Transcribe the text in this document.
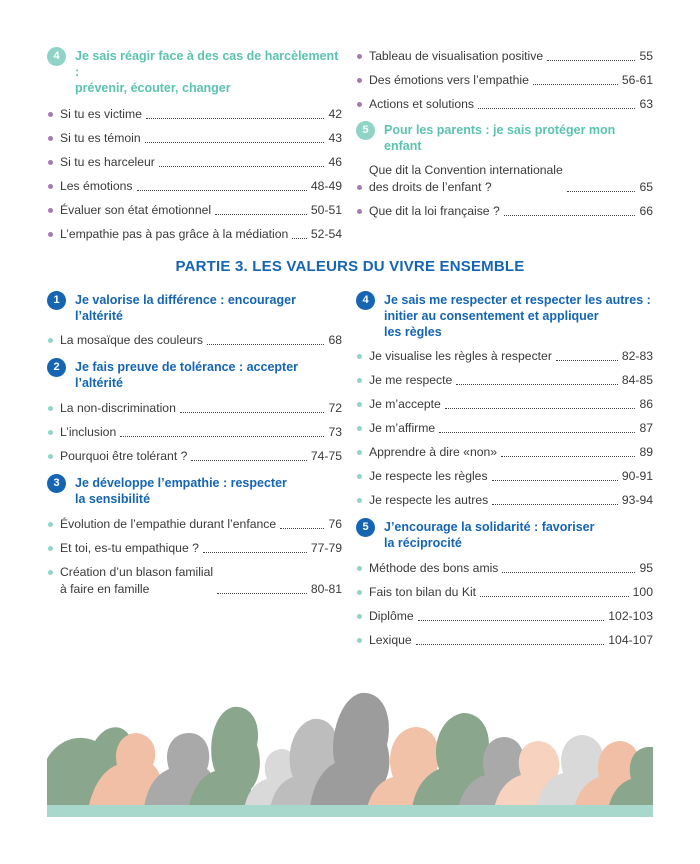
4	Je sais réagir face à des cas de harcèlement :
prévenir, écouter, changer
Si tu es victime	42
Si tu es témoin	43
Si tu es harceleur	46
Les émotions	48-49
Évaluer son état émotionnel	50-51
L’empathie pas à pas grâce à la médiation 52-54
Tableau de visualisation positive	55
Des émotions vers l’empathie	56-61
Actions et solutions	63
5	Pour les parents : je sais protéger mon enfant
Que dit la Convention internationale
des droits de l’enfant ?	65
Que dit la loi française ?	66
PARTIE 3. LES VALEURS DU VIVRE ENSEMBLE
1	Je valorise la différence : encourager
l’altérité
La mosaïque des couleurs	68
2	Je fais preuve de tolérance : accepter
l’altérité
La non-discrimination	72
L’inclusion	73
Pourquoi être tolérant ?	74-75
3	Je développe l’empathie : respecter
la sensibilité
Évolution de l’empathie durant l’enfance	76
Et toi, es-tu empathique ?	77-79
Création d’un blason familial
à faire en famille	80-81
4	Je sais me respecter et respecter les autres :
initier au consentement et appliquer
les règles
Je visualise les règles à respecter	82-83
Je me respecte	84-85
Je m’accepte	86
Je m’affirme	87
Apprendre à dire «non»	89
Je respecte les règles	90-91
Je respecte les autres	93-94
5	J’encourage la solidarité : favoriser
la réciprocité
Méthode des bons amis	95
Fais ton bilan du Kit	100
Diplôme	102-103
Lexique	104-107
